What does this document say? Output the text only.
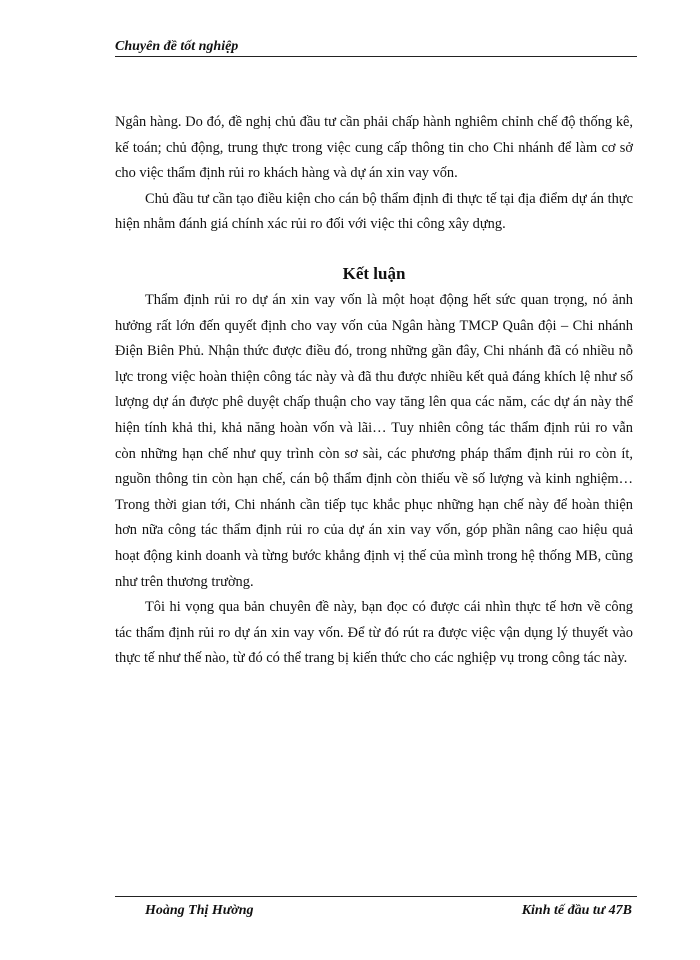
Chuyên đề tốt nghiệp

Ngân hàng. Do đó, đề nghị chủ đầu tư cần phải chấp hành nghiêm chỉnh chế độ thống kê, kế toán; chủ động, trung thực trong việc cung cấp thông tin cho Chi nhánh để làm cơ sở cho việc thẩm định rủi ro khách hàng và dự án xin vay vốn.

Chủ đầu tư cần tạo điều kiện cho cán bộ thẩm định đi thực tế tại địa điểm dự án thực hiện nhằm đánh giá chính xác rủi ro đối với việc thi công xây dựng.

Kết luận

Thẩm định rủi ro dự án xin vay vốn là một hoạt động hết sức quan trọng, nó ảnh hưởng rất lớn đến quyết định cho vay vốn của Ngân hàng TMCP Quân đội – Chi nhánh Điện Biên Phủ. Nhận thức được điều đó, trong những gần đây, Chi nhánh đã có nhiều nỗ lực trong việc hoàn thiện công tác này và đã thu được nhiều kết quả đáng khích lệ như số lượng dự án được phê duyệt chấp thuận cho vay tăng lên qua các năm, các dự án này thể hiện tính khả thi, khả năng hoàn vốn và lãi… Tuy nhiên công tác thẩm định rủi ro vẫn còn những hạn chế như quy trình còn sơ sài, các phương pháp thẩm định rủi ro còn ít, nguồn thông tin còn hạn chế, cán bộ thẩm định còn thiếu về số lượng và kinh nghiệm… Trong thời gian tới, Chi nhánh cần tiếp tục khắc phục những hạn chế này để hoàn thiện hơn nữa công tác thẩm định rủi ro của dự án xin vay vốn, góp phần nâng cao hiệu quả hoạt động kinh doanh và từng bước khẳng định vị thế của mình trong hệ thống MB, cũng như trên thương trường.

Tôi hi vọng qua bản chuyên đề này, bạn đọc có được cái nhìn thực tế hơn về công tác thẩm định rủi ro dự án xin vay vốn. Để từ đó rút ra được việc vận dụng lý thuyết vào thực tế như thế nào, từ đó có thể trang bị kiến thức cho các nghiệp vụ trong công tác này.

Hoàng Thị Hường	Kinh tế đầu tư 47B
